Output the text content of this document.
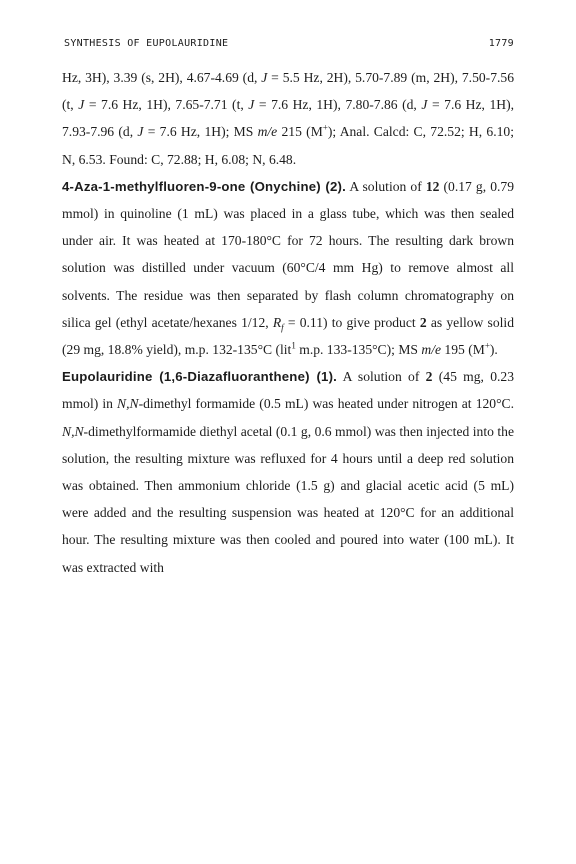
SYNTHESIS OF EUPOLAURIDINE	1779

Hz, 3H), 3.39 (s, 2H), 4.67-4.69 (d, J = 5.5 Hz, 2H), 5.70-7.89 (m, 2H), 7.50-7.56 (t, J = 7.6 Hz, 1H), 7.65-7.71 (t, J = 7.6 Hz, 1H), 7.80-7.86 (d, J = 7.6 Hz, 1H), 7.93-7.96 (d, J = 7.6 Hz, 1H); MS m/e 215 (M+); Anal. Calcd: C, 72.52; H, 6.10; N, 6.53. Found: C, 72.88; H, 6.08; N, 6.48.

4-Aza-1-methylfluoren-9-one (Onychine) (2). A solution of 12 (0.17 g, 0.79 mmol) in quinoline (1 mL) was placed in a glass tube, which was then sealed under air. It was heated at 170-180°C for 72 hours. The resulting dark brown solution was distilled under vacuum (60°C/4 mm Hg) to remove almost all solvents. The residue was then separated by flash column chromatography on silica gel (ethyl acetate/hexanes 1/12, $R_f = 0.11$) to give product 2 as yellow solid (29 mg, 18.8% yield), m.p. 132-135°C (lit$^1$ m.p. 133-135°C); MS m/e 195 (M+).

Eupolauridine (1,6-Diazafluoranthene) (1). A solution of 2 (45 mg, 0.23 mmol) in N,N-dimethyl formamide (0.5 mL) was heated under nitrogen at 120°C. N,N-dimethylformamide diethyl acetal (0.1 g, 0.6 mmol) was then injected into the solution, the resulting mixture was refluxed for 4 hours until a deep red solution was obtained. Then ammonium chloride (1.5 g) and glacial acetic acid (5 mL) were added and the resulting suspension was heated at 120°C for an additional hour. The resulting mixture was then cooled and poured into water (100 mL). It was extracted with
